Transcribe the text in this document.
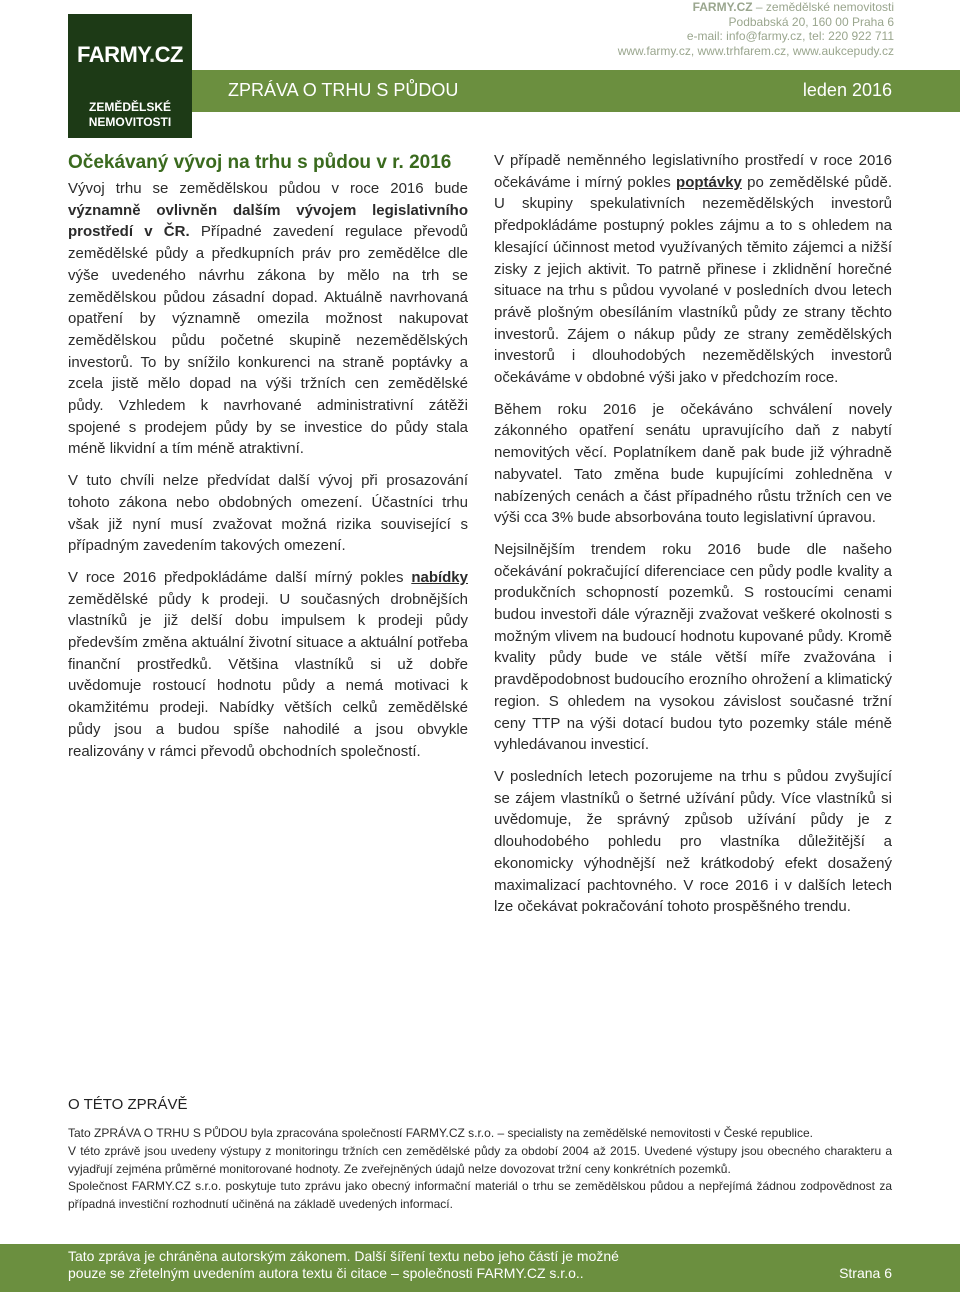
FARMY.CZ
ZEMĚDĚLSKÉ
NEMOVITOSTI
FARMY.CZ – zemědělské nemovitosti
Podbabská 20, 160 00 Praha 6
e-mail: info@farmy.cz, tel: 220 922 711
www.farmy.cz, www.trhfarem.cz, www.aukcepudy.cz
ZPRÁVA O TRHU S PŮDOU	leden 2016
Očekávaný vývoj na trhu s půdou v r. 2016

Vývoj trhu se zemědělskou půdou v roce 2016 bude významně ovlivněn dalším vývojem legislativního prostředí v ČR. Případné zavedení regulace převodů zemědělské půdy a předkupních práv pro zemědělce dle výše uvedeného návrhu zákona by mělo na trh se zemědělskou půdou zásadní dopad. Aktuálně navrhovaná opatření by významně omezila možnost nakupovat zemědělskou půdu početné skupině nezemědělských investorů. To by snížilo konkurenci na straně poptávky a zcela jistě mělo dopad na výši tržních cen zemědělské půdy. Vzhledem k navrhované administrativní zátěži spojené s prodejem půdy by se investice do půdy stala méně likvidní a tím méně atraktivní.

V tuto chvíli nelze předvídat další vývoj při prosazování tohoto zákona nebo obdobných omezení. Účastníci trhu však již nyní musí zvažovat možná rizika související s případným zavedením takových omezení.

V roce 2016 předpokládáme další mírný pokles nabídky zemědělské půdy k prodeji. U současných drobnějších vlastníků je již delší dobu impulsem k prodeji půdy především změna aktuální životní situace a aktuální potřeba finanční prostředků. Většina vlastníků si už dobře uvědomuje rostoucí hodnotu půdy a nemá motivaci k okamžitému prodeji. Nabídky větších celků zemědělské půdy jsou a budou spíše nahodilé a jsou obvykle realizovány v rámci převodů obchodních společností.

V případě neměnného legislativního prostředí v roce 2016 očekáváme i mírný pokles poptávky po zemědělské půdě. U skupiny spekulativních nezemědělských investorů předpokládáme postupný pokles zájmu a to s ohledem na klesající účinnost metod využívaných těmito zájemci a nižší zisky z jejich aktivit. To patrně přinese i zklidnění horečné situace na trhu s půdou vyvolané v posledních dvou letech právě plošným obesíláním vlastníků půdy ze strany těchto investorů. Zájem o nákup půdy ze strany zemědělských investorů i dlouhodobých nezemědělských investorů očekáváme v obdobné výši jako v předchozím roce.

Během roku 2016 je očekáváno schválení novely zákonného opatření senátu upravujícího daň z nabytí nemovitých věcí. Poplatníkem daně pak bude již výhradně nabyvatel. Tato změna bude kupujícími zohledněna v nabízených cenách a část případného růstu tržních cen ve výši cca 3% bude absorbována touto legislativní úpravou.

Nejsilnějším trendem roku 2016 bude dle našeho očekávání pokračující diferenciace cen půdy podle kvality a produkčních schopností pozemků. S rostoucími cenami budou investoři dále výrazněji zvažovat veškeré okolnosti s možným vlivem na budoucí hodnotu kupované půdy. Kromě kvality půdy bude ve stále větší míře zvažována i pravděpodobnost budoucího erozního ohrožení a klimatický region. S ohledem na vysokou závislost současné tržní ceny TTP na výši dotací budou tyto pozemky stále méně vyhledávanou investicí.

V posledních letech pozorujeme na trhu s půdou zvyšující se zájem vlastníků o šetrné užívání půdy. Více vlastníků si uvědomuje, že správný způsob užívání půdy je z dlouhodobého pohledu pro vlastníka důležitější a ekonomicky výhodnější než krátkodobý efekt dosažený maximalizací pachtovného. V roce 2016 i v dalších letech lze očekávat pokračování tohoto prospěšného trendu.

O TÉTO ZPRÁVĚ

Tato ZPRÁVA O TRHU S PŮDOU byla zpracována společností FARMY.CZ s.r.o. – specialisty na zemědělské nemovitosti v České republice.

V této zprávě jsou uvedeny výstupy z monitoringu tržních cen zemědělské půdy za období 2004 až 2015. Uvedené výstupy jsou obecného charakteru a vyjadřují zejména průměrné monitorované hodnoty. Ze zveřejněných údajů nelze dovozovat tržní ceny konkrétních pozemků.

Společnost FARMY.CZ s.r.o. poskytuje tuto zprávu jako obecný informační materiál o trhu se zemědělskou půdou a nepřejímá žádnou zodpovědnost za případná investiční rozhodnutí učiněná na základě uvedených informací.

Tato zpráva je chráněna autorským zákonem. Další šíření textu nebo jeho částí je možné
pouze se zřetelným uvedením autora textu či citace – společnosti FARMY.CZ s.r.o..	Strana 6
